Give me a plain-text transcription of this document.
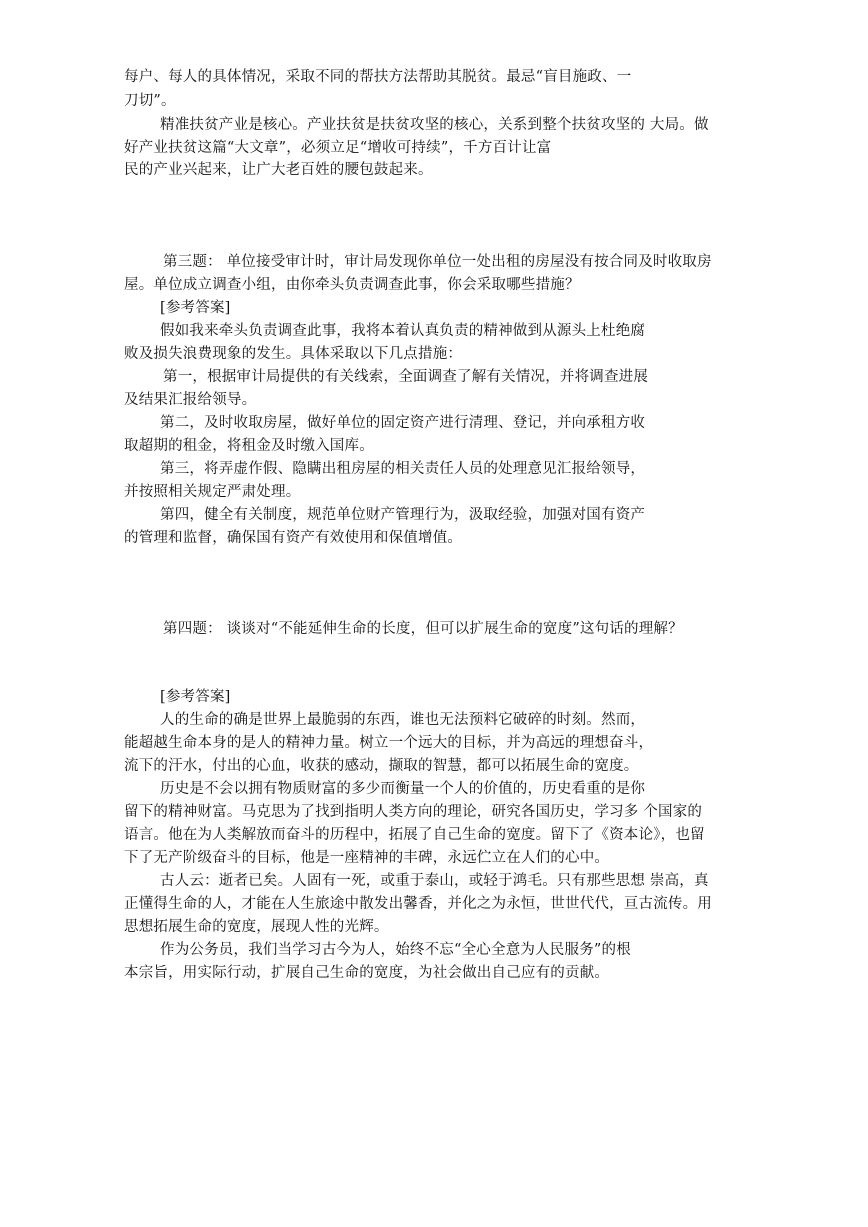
每户、每人的具体情况，采取不同的帮扶方法帮助其脱贫。最忌“盲目施政、一
刀切”。
精准扶贫产业是核心。产业扶贫是扶贫攻坚的核心，关系到整个扶贫攻坚的 大局。做
好产业扶贫这篇“大文章”，必须立足“增收可持续”，千方百计让富
民的产业兴起来，让广大老百姓的腰包鼓起来。
第三题： 单位接受审计时，审计局发现你单位一处出租的房屋没有按合同及时收取房
屋。单位成立调查小组，由你牵头负责调查此事，你会采取哪些措施？
[参考答案]
假如我来牵头负责调查此事，我将本着认真负责的精神做到从源头上杜绝腐
败及损失浪费现象的发生。具体采取以下几点措施：
第一，根据审计局提供的有关线索，全面调查了解有关情况，并将调查进展
及结果汇报给领导。
第二，及时收取房屋，做好单位的固定资产进行清理、登记，并向承租方收
取超期的租金，将租金及时缴入国库。
第三，将弄虚作假、隐瞒出租房屋的相关责任人员的处理意见汇报给领导，
并按照相关规定严肃处理。
第四，健全有关制度，规范单位财产管理行为，汲取经验，加强对国有资产
的管理和监督，确保国有资产有效使用和保值增值。
第四题： 谈谈对“不能延伸生命的长度，但可以扩展生命的宽度”这句话的理解？
[参考答案]
人的生命的确是世界上最脆弱的东西，谁也无法预料它破碎的时刻。然而，
能超越生命本身的是人的精神力量。树立一个远大的目标，并为高远的理想奋斗，
流下的汗水，付出的心血，收获的感动，撷取的智慧，都可以拓展生命的宽度。
历史是不会以拥有物质财富的多少而衡量一个人的价值的，历史看重的是你
留下的精神财富。马克思为了找到指明人类方向的理论，研究各国历史，学习多 个国家的
语言。他在为人类解放而奋斗的历程中，拓展了自己生命的宽度。留下了《资本论》，也留
下了无产阶级奋斗的目标，他是一座精神的丰碑，永远伫立在人们的心中。
古人云：逝者已矣。人固有一死，或重于泰山，或轻于鸿毛。只有那些思想 崇高，真
正懂得生命的人，才能在人生旅途中散发出馨香，并化之为永恒，世世代代，亘古流传。用
思想拓展生命的宽度，展现人性的光辉。
作为公务员，我们当学习古今为人，始终不忘“全心全意为人民服务”的根
本宗旨，用实际行动，扩展自己生命的宽度，为社会做出自己应有的贡献。
